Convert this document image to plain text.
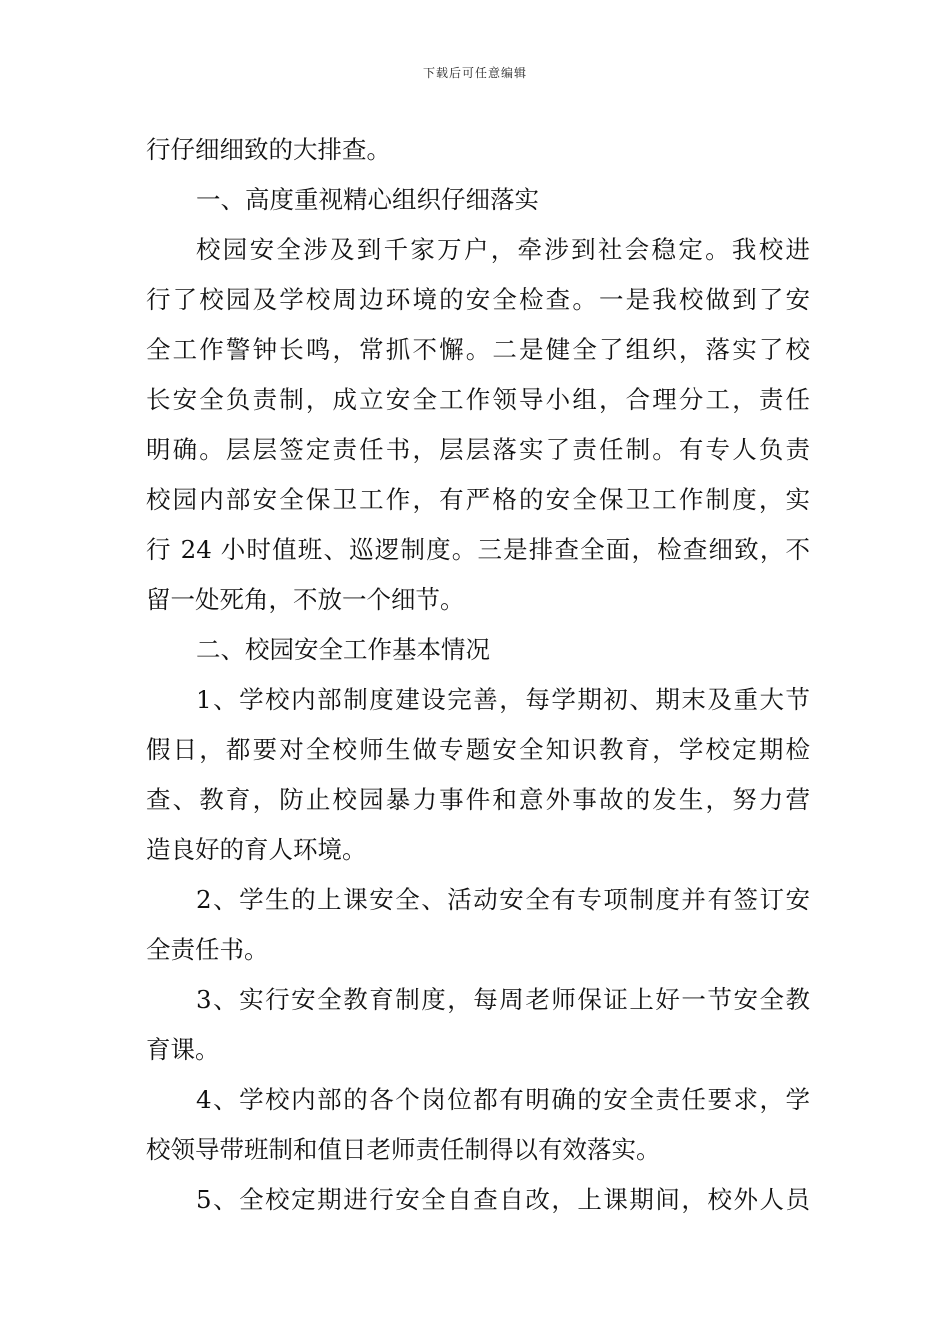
下载后可任意编辑
行仔细细致的大排查。
一、高度重视精心组织仔细落实
校园安全涉及到千家万户，牵涉到社会稳定。我校进
行了校园及学校周边环境的安全检查。一是我校做到了安
全工作警钟长鸣，常抓不懈。二是健全了组织，落实了校
长安全负责制，成立安全工作领导小组，合理分工，责任
明确。层层签定责任书，层层落实了责任制。有专人负责
校园内部安全保卫工作，有严格的安全保卫工作制度，实
行 24 小时值班、巡逻制度。三是排查全面，检查细致，不
留一处死角，不放一个细节。
二、校园安全工作基本情况
1、学校内部制度建设完善，每学期初、期末及重大节
假日，都要对全校师生做专题安全知识教育，学校定期检
查、教育，防止校园暴力事件和意外事故的发生，努力营
造良好的育人环境。
2、学生的上课安全、活动安全有专项制度并有签订安
全责任书。
3、实行安全教育制度，每周老师保证上好一节安全教
育课。
4、学校内部的各个岗位都有明确的安全责任要求，学
校领导带班制和值日老师责任制得以有效落实。
5、全校定期进行安全自查自改，上课期间，校外人员
